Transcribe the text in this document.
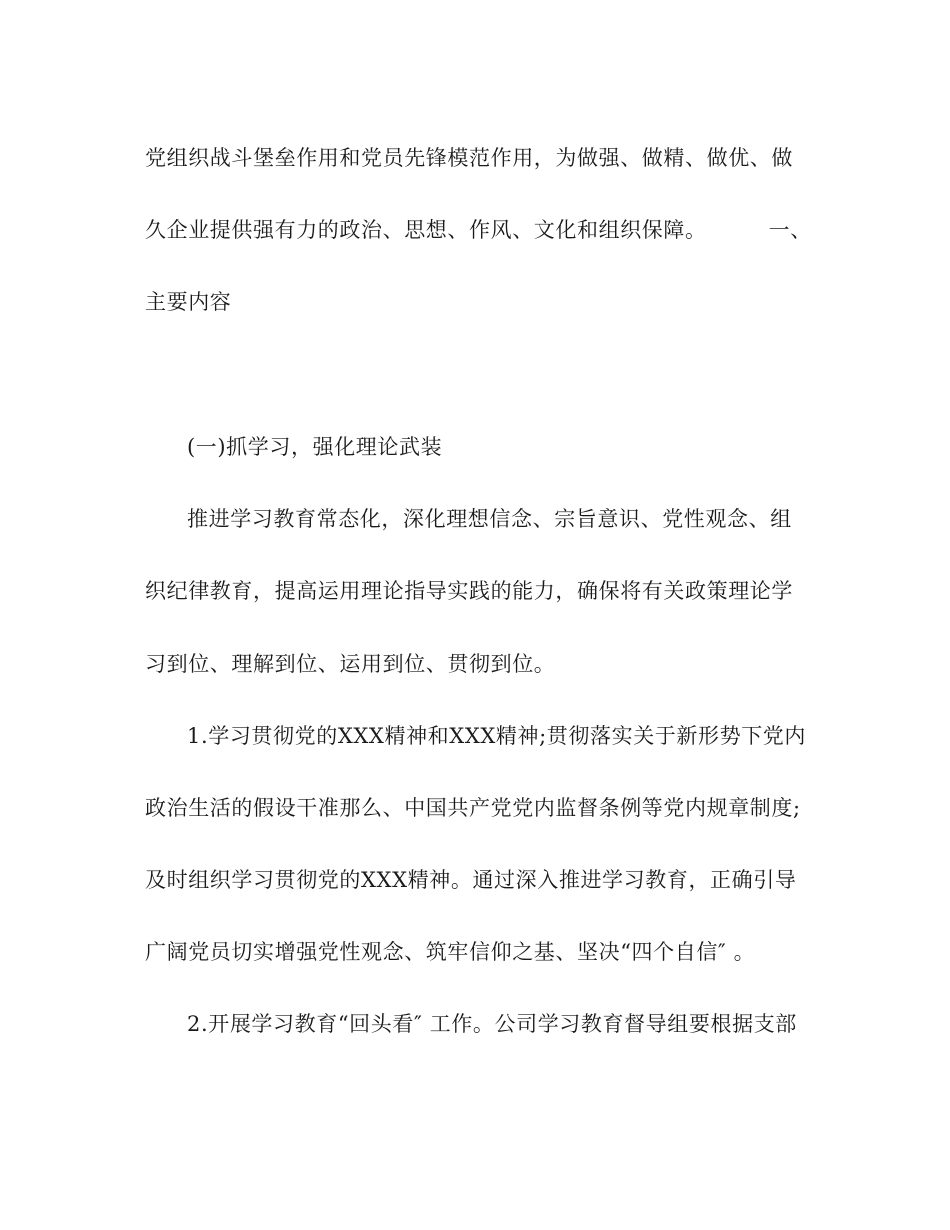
党组织战斗堡垒作用和党员先锋模范作用，为做强、做精、做优、做
久企业提供强有力的政治、思想、作风、文化和组织保障。	一、
主要内容
(一)抓学习，强化理论武装
推进学习教育常态化，深化理想信念、宗旨意识、党性观念、组
织纪律教育，提高运用理论指导实践的能力，确保将有关政策理论学
习到位、理解到位、运用到位、贯彻到位。
1.学习贯彻党的XXX精神和XXX精神;贯彻落实关于新形势下党内
政治生活的假设干准那么、中国共产党党内监督条例等党内规章制度;
及时组织学习贯彻党的XXX精神。通过深入推进学习教育，正确引导
广阔党员切实增强党性观念、筑牢信仰之基、坚决“四个自信″ 。
2.开展学习教育“回头看″ 工作。公司学习教育督导组要根据支部
